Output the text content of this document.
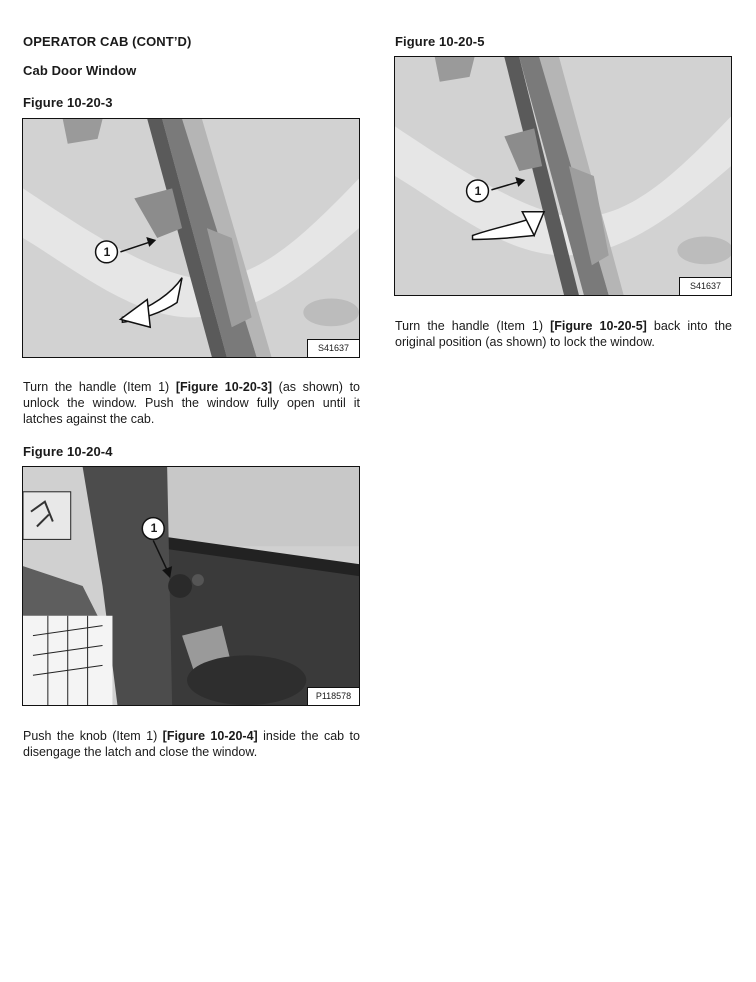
OPERATOR CAB (CONT’D)
Cab Door Window
Figure 10-20-3
1
S41637
Turn the handle (Item 1) [Figure 10-20-3] (as shown) to unlock the window. Push the window fully open until it latches against the cab.
Figure 10-20-4
1
P118578
Push the knob (Item 1) [Figure 10-20-4] inside the cab to disengage the latch and close the window.
Figure 10-20-5
1
S41637
Turn the handle (Item 1) [Figure 10-20-5] back into the original position (as shown) to lock the window.
